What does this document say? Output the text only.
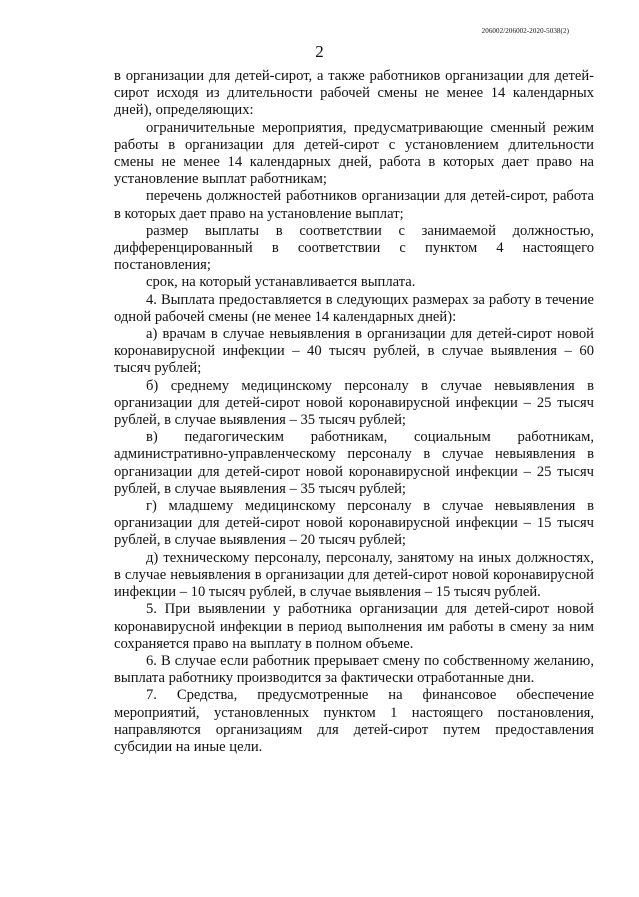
206002/206002-2020-5038(2)
2

в организации для детей-сирот, а также работников организации для детей-сирот исходя из длительности рабочей смены не менее 14 календарных дней), определяющих:

ограничительные мероприятия, предусматривающие сменный режим работы в организации для детей-сирот с установлением длительности смены не менее 14 календарных дней, работа в которых дает право на установление выплат работникам;

перечень должностей работников организации для детей-сирот, работа в которых дает право на установление выплат;

размер выплаты в соответствии с занимаемой должностью, дифференцированный в соответствии с пунктом 4 настоящего постановления;

срок, на который устанавливается выплата.

4. Выплата предоставляется в следующих размерах за работу в течение одной рабочей смены (не менее 14 календарных дней):

а) врачам в случае невыявления в организации для детей-сирот новой коронавирусной инфекции – 40 тысяч рублей, в случае выявления – 60 тысяч рублей;

б) среднему медицинскому персоналу в случае невыявления в организации для детей-сирот новой коронавирусной инфекции – 25 тысяч рублей, в случае выявления – 35 тысяч рублей;

в) педагогическим работникам, социальным работникам, административно-управленческому персоналу в случае невыявления в организации для детей-сирот новой коронавирусной инфекции – 25 тысяч рублей, в случае выявления – 35 тысяч рублей;

г) младшему медицинскому персоналу в случае невыявления в организации для детей-сирот новой коронавирусной инфекции – 15 тысяч рублей, в случае выявления – 20 тысяч рублей;

д) техническому персоналу, персоналу, занятому на иных должностях, в случае невыявления в организации для детей-сирот новой коронавирусной инфекции – 10 тысяч рублей, в случае выявления – 15 тысяч рублей.

5. При выявлении у работника организации для детей-сирот новой коронавирусной инфекции в период выполнения им работы в смену за ним сохраняется право на выплату в полном объеме.

6. В случае если работник прерывает смену по собственному желанию, выплата работнику производится за фактически отработанные дни.

7. Средства, предусмотренные на финансовое обеспечение мероприятий, установленных пунктом 1 настоящего постановления, направляются организациям для детей-сирот путем предоставления субсидии на иные цели.
